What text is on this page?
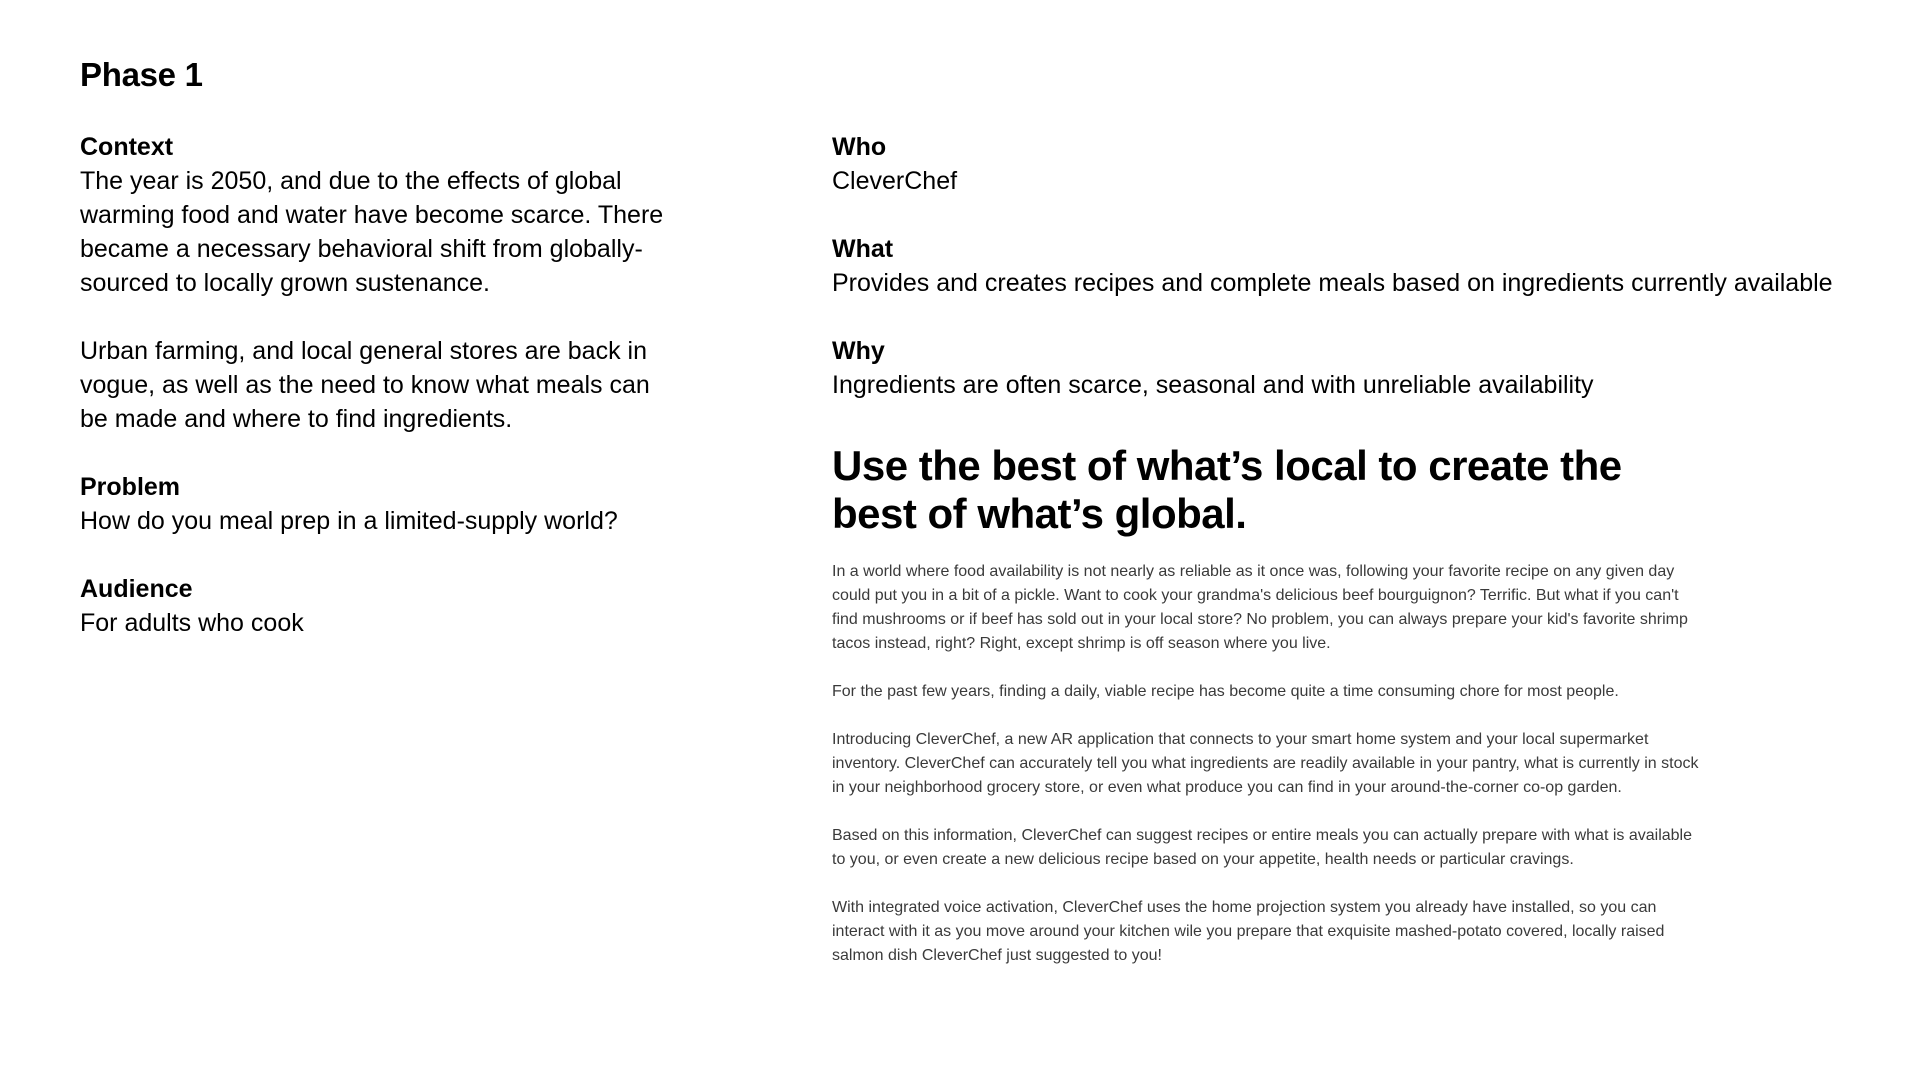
Phase 1

Context

The year is 2050, and due to the effects of global warming food and water have become scarce. There became a necessary behavioral shift from globally-sourced to locally grown sustenance.

Urban farming, and local general stores are back in vogue, as well as the need to know what meals can be made and where to find ingredients.

Problem

How do you meal prep in a limited-supply world?

Audience

For adults who cook

Who

CleverChef

What

Provides and creates recipes and complete meals based on ingredients currently available

Why

Ingredients are often scarce, seasonal and with unreliable availability

Use the best of what’s local to create the best of what’s global.

In a world where food availability is not nearly as reliable as it once was, following your favorite recipe on any given day could put you in a bit of a pickle. Want to cook your grandma's delicious beef bourguignon? Terrific. But what if you can't find mushrooms or if beef has sold out in your local store? No problem, you can always prepare your kid's favorite shrimp tacos instead, right? Right, except shrimp is off season where you live.

For the past few years, finding a daily, viable recipe has become quite a time consuming chore for most people.

Introducing CleverChef, a new AR application that connects to your smart home system and your local supermarket inventory. CleverChef can accurately tell you what ingredients are readily available in your pantry, what is currently in stock in your neighborhood grocery store, or even what produce you can find in your around-the-corner co-op garden.

Based on this information, CleverChef can suggest recipes or entire meals you can actually prepare with what is available to you, or even create a new delicious recipe based on your appetite, health needs or particular cravings.

With integrated voice activation, CleverChef uses the home projection system you already have installed, so you can interact with it as you move around your kitchen wile you prepare that exquisite mashed-potato covered, locally raised salmon dish CleverChef just suggested to you!
